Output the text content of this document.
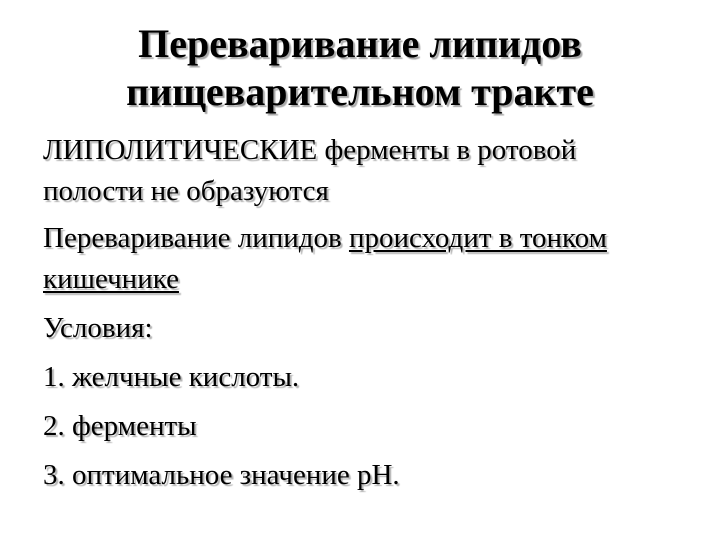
Переваривание липидов
пищеварительном тракте
ЛИПОЛИТИЧЕСКИЕ ферменты в ротовой
полости не образуются
Переваривание липидов происходит в тонком
кишечнике
Условия:
1. желчные кислоты.
2. ферменты
3. оптимальное значение рН.
